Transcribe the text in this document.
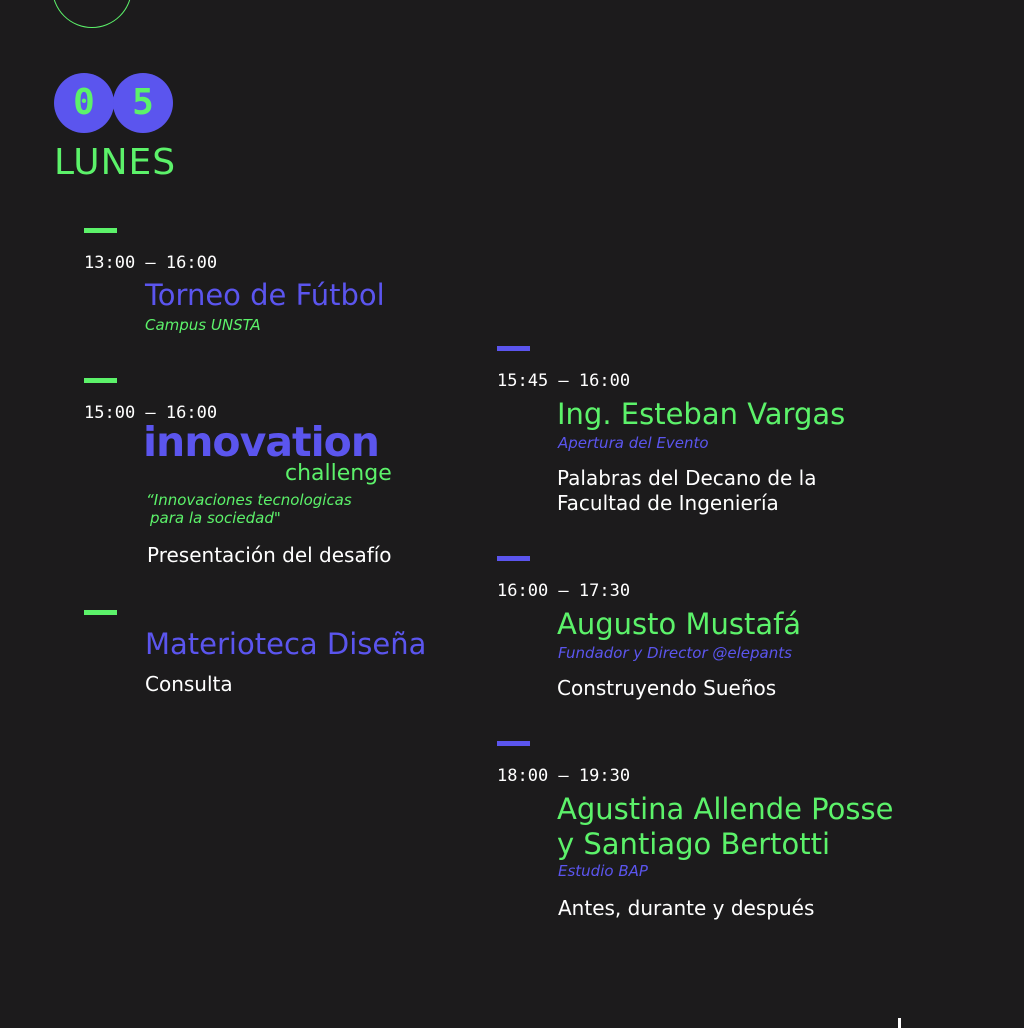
0	5
LUNES
13:00 – 16:00
Torneo de Fútbol
Campus UNSTA
15:00 – 16:00
innovation
challenge
“Innovaciones tecnologicas
para la sociedad"
Presentación del desafío
Materioteca Diseña
Consulta
15:45 – 16:00
Ing. Esteban Vargas
Apertura del Evento
Palabras del Decano de la
Facultad de Ingeniería
16:00 – 17:30
Augusto Mustafá
Fundador y Director @elepants
Construyendo Sueños
18:00 – 19:30
Agustina Allende Posse
y Santiago Bertotti
Estudio BAP
Antes, durante y después
